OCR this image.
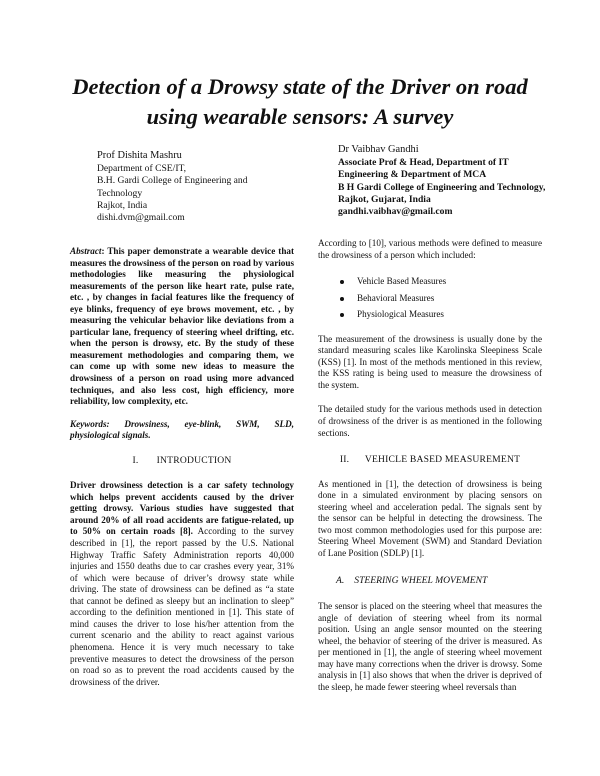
Detection of a Drowsy state of the Driver on road using wearable sensors: A survey
Prof Dishita Mashru
Department of CSE/IT,
B.H. Gardi College of Engineering and Technology
Rajkot, India
dishi.dvm@gmail.com
Dr Vaibhav Gandhi
Associate Prof & Head, Department of IT Engineering & Department of MCA
B H Gardi College of Engineering and Technology, Rajkot, Gujarat, India
gandhi.vaibhav@gmail.com

Abstract: This paper demonstrate a wearable device that measures the drowsiness of the person on road by various methodologies like measuring the physiological measurements of the person like heart rate, pulse rate, etc. , by changes in facial features like the frequency of eye blinks, frequency of eye brows movement, etc. , by measuring the vehicular behavior like deviations from a particular lane, frequency of steering wheel drifting, etc. when the person is drowsy, etc. By the study of these measurement methodologies and comparing them, we can come up with some new ideas to measure the drowsiness of a person on road using more advanced techniques, and also less cost, high efficiency, more reliability, low complexity, etc.

Keywords: Drowsiness, eye-blink, SWM, SLD, physiological signals.

I. INTRODUCTION

Driver drowsiness detection is a car safety technology which helps prevent accidents caused by the driver getting drowsy. Various studies have suggested that around 20% of all road accidents are fatigue-related, up to 50% on certain roads [8]. According to the survey described in [1], the report passed by the U.S. National Highway Traffic Safety Administration reports 40,000 injuries and 1550 deaths due to car crashes every year, 31% of which were because of driver’s drowsy state while driving. The state of drowsiness can be defined as “a state that cannot be defined as sleepy but an inclination to sleep” according to the definition mentioned in [1]. This state of mind causes the driver to lose his/her attention from the current scenario and the ability to react against various phenomena. Hence it is very much necessary to take preventive measures to detect the drowsiness of the person on road so as to prevent the road accidents caused by the drowsiness of the driver.

According to [10], various methods were defined to measure the drowsiness of a person which included:

Vehicle Based Measures
Behavioral Measures
Physiological Measures

The measurement of the drowsiness is usually done by the standard measuring scales like Karolinska Sleepiness Scale (KSS) [1]. In most of the methods mentioned in this review, the KSS rating is being used to measure the drowsiness of the system.

The detailed study for the various methods used in detection of drowsiness of the driver is as mentioned in the following sections.

II. VEHICLE BASED MEASUREMENT

As mentioned in [1], the detection of drowsiness is being done in a simulated environment by placing sensors on steering wheel and acceleration pedal. The signals sent by the sensor can be helpful in detecting the drowsiness. The two most common methodologies used for this purpose are: Steering Wheel Movement (SWM) and Standard Deviation of Lane Position (SDLP) [1].

A. STEERING WHEEL MOVEMENT

The sensor is placed on the steering wheel that measures the angle of deviation of steering wheel from its normal position. Using an angle sensor mounted on the steering wheel, the behavior of steering of the driver is measured. As per mentioned in [1], the angle of steering wheel movement may have many corrections when the driver is drowsy. Some analysis in [1] also shows that when the driver is deprived of the sleep, he made fewer steering wheel reversals than
